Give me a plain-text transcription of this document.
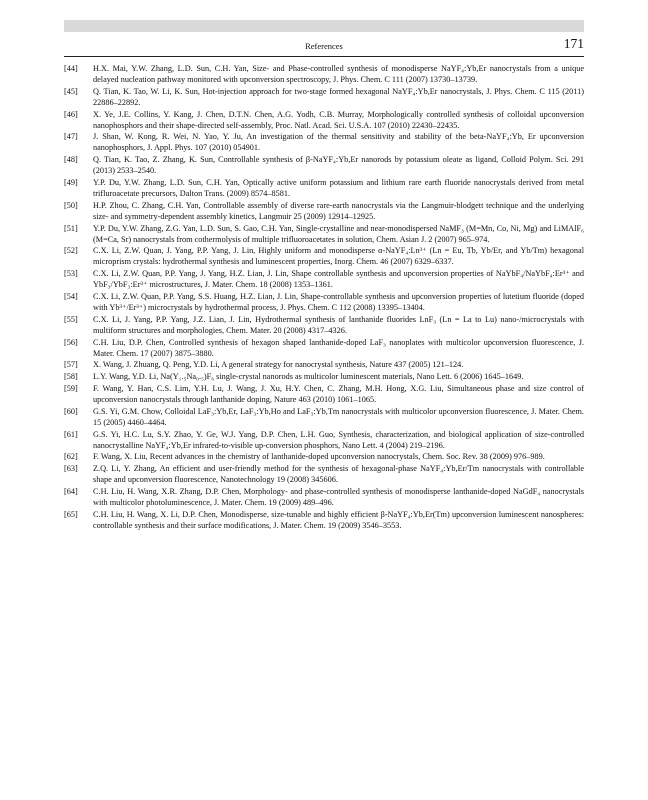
References	171
[44] H.X. Mai, Y.W. Zhang, L.D. Sun, C.H. Yan, Size- and Phase-controlled synthesis of monodisperse NaYF₄:Yb,Er nanocrystals from a unique delayed nucleation pathway monitored with upconversion spectroscopy, J. Phys. Chem. C 111 (2007) 13730–13739.
[45] Q. Tian, K. Tao, W. Li, K. Sun, Hot-injection approach for two-stage formed hexagonal NaYF₄:Yb,Er nanocrystals, J. Phys. Chem. C 115 (2011) 22886–22892.
[46] X. Ye, J.E. Collins, Y. Kang, J. Chen, D.T.N. Chen, A.G. Yodh, C.B. Murray, Morphologically controlled synthesis of colloidal upconversion nanophosphors and their shape-directed self-assembly, Proc. Natl. Acad. Sci. U.S.A. 107 (2010) 22430–22435.
[47] J. Shan, W. Kong, R. Wei, N. Yao, Y. Ju, An investigation of the thermal sensitivity and stability of the beta-NaYF₄:Yb, Er upconversion nanophosphors, J. Appl. Phys. 107 (2010) 054901.
[48] Q. Tian, K. Tao, Z. Zhang, K. Sun, Controllable synthesis of β-NaYF₄:Yb,Er nanorods by potassium oleate as ligand, Colloid Polym. Sci. 291 (2013) 2533–2540.
[49] Y.P. Du, Y.W. Zhang, L.D. Sun, C.H. Yan, Optically active uniform potassium and lithium rare earth fluoride nanocrystals derived from metal trifluroacetate precursors, Dalton Trans. (2009) 8574–8581.
[50] H.P. Zhou, C. Zhang, C.H. Yan, Controllable assembly of diverse rare-earth nanocrystals via the Langmuir-blodgett technique and the underlying size- and symmetry-dependent assembly kinetics, Langmuir 25 (2009) 12914–12925.
[51] Y.P. Du, Y.W. Zhang, Z.G. Yan, L.D. Sun, S. Gao, C.H. Yan, Single-crystalline and near-monodispersed NaMF₃ (M=Mn, Co, Ni, Mg) and LiMAlF₆ (M=Ca, Sr) nanocrystals from cothermolysis of multiple trifluoroacetates in solution, Chem. Asian J. 2 (2007) 965–974.
[52] C.X. Li, Z.W. Quan, J. Yang, P.P. Yang, J. Lin, Highly uniform and monodisperse α-NaYF₄:Ln³⁺ (Ln = Eu, Tb, Yb/Er, and Yb/Tm) hexagonal microprism crystals: hydrothermal synthesis and luminescent properties, Inorg. Chem. 46 (2007) 6329–6337.
[53] C.X. Li, Z.W. Quan, P.P. Yang, J. Yang, H.Z. Lian, J. Lin, Shape controllable synthesis and upconversion properties of NaYbF₄/NaYbF₄:Er³⁺ and YbF₃/YbF₃:Er³⁺ microstructures, J. Mater. Chem. 18 (2008) 1353–1361.
[54] C.X. Li, Z.W. Quan, P.P. Yang, S.S. Huang, H.Z. Lian, J. Lin, Shape-controllable synthesis and upconversion properties of lutetium fluoride (doped with Yb³⁺/Er³⁺) microcrystals by hydrothermal process, J. Phys. Chem. C 112 (2008) 13395–13404.
[55] C.X. Li, J. Yang, P.P. Yang, J.Z. Lian, J. Lin, Hydrothermal synthesis of lanthanide fluorides LnF₃ (Ln = La to Lu) nano-/microcrystals with multiform structures and morphologies, Chem. Mater. 20 (2008) 4317–4326.
[56] C.H. Liu, D.P. Chen, Controlled synthesis of hexagon shaped lanthanide-doped LaF₃ nanoplates with multicolor upconversion fluorescence, J. Mater. Chem. 17 (2007) 3875–3880.
[57] X. Wang, J. Zhuang, Q. Peng, Y.D. Li, A general strategy for nanocrystal synthesis, Nature 437 (2005) 121–124.
[58] L.Y. Wang, Y.D. Li, Na(Y₁.₅Na₀.₅)F₆ single-crystal nanorods as multicolor luminescent materials, Nano Lett. 6 (2006) 1645–1649.
[59] F. Wang, Y. Han, C.S. Lim, Y.H. Lu, J. Wang, J. Xu, H.Y. Chen, C. Zhang, M.H. Hong, X.G. Liu, Simultaneous phase and size control of upconversion nanocrystals through lanthanide doping, Nature 463 (2010) 1061–1065.
[60] G.S. Yi, G.M. Chow, Colloidal LaF₃:Yb,Er, LaF₃:Yb,Ho and LaF₃:Yb,Tm nanocrystals with multicolor upconversion fluorescence, J. Mater. Chem. 15 (2005) 4460–4464.
[61] G.S. Yi, H.C. Lu, S.Y. Zhao, Y. Ge, W.J. Yang, D.P. Chen, L.H. Guo, Synthesis, characterization, and biological application of size-controlled nanocrystalline NaYF₄:Yb,Er infrared-to-visible up-conversion phosphors, Nano Lett. 4 (2004) 219–2196.
[62] F. Wang, X. Liu, Recent advances in the chemistry of lanthanide-doped upconversion nanocrystals, Chem. Soc. Rev. 38 (2009) 976–989.
[63] Z.Q. Li, Y. Zhang, An efficient and user-friendly method for the synthesis of hexagonal-phase NaYF₄:Yb,Er/Tm nanocrystals with controllable shape and upconversion fluorescence, Nanotechnology 19 (2008) 345606.
[64] C.H. Liu, H. Wang, X.R. Zhang, D.P. Chen, Morphology- and phase-controlled synthesis of monodisperse lanthanide-doped NaGdF₄ nanocrystals with multicolor photoluminescence, J. Mater. Chem. 19 (2009) 489–496.
[65] C.H. Liu, H. Wang, X. Li, D.P. Chen, Monodisperse, size-tunable and highly efficient β-NaYF₄:Yb,Er(Tm) upconversion luminescent nanospheres: controllable synthesis and their surface modifications, J. Mater. Chem. 19 (2009) 3546–3553.
